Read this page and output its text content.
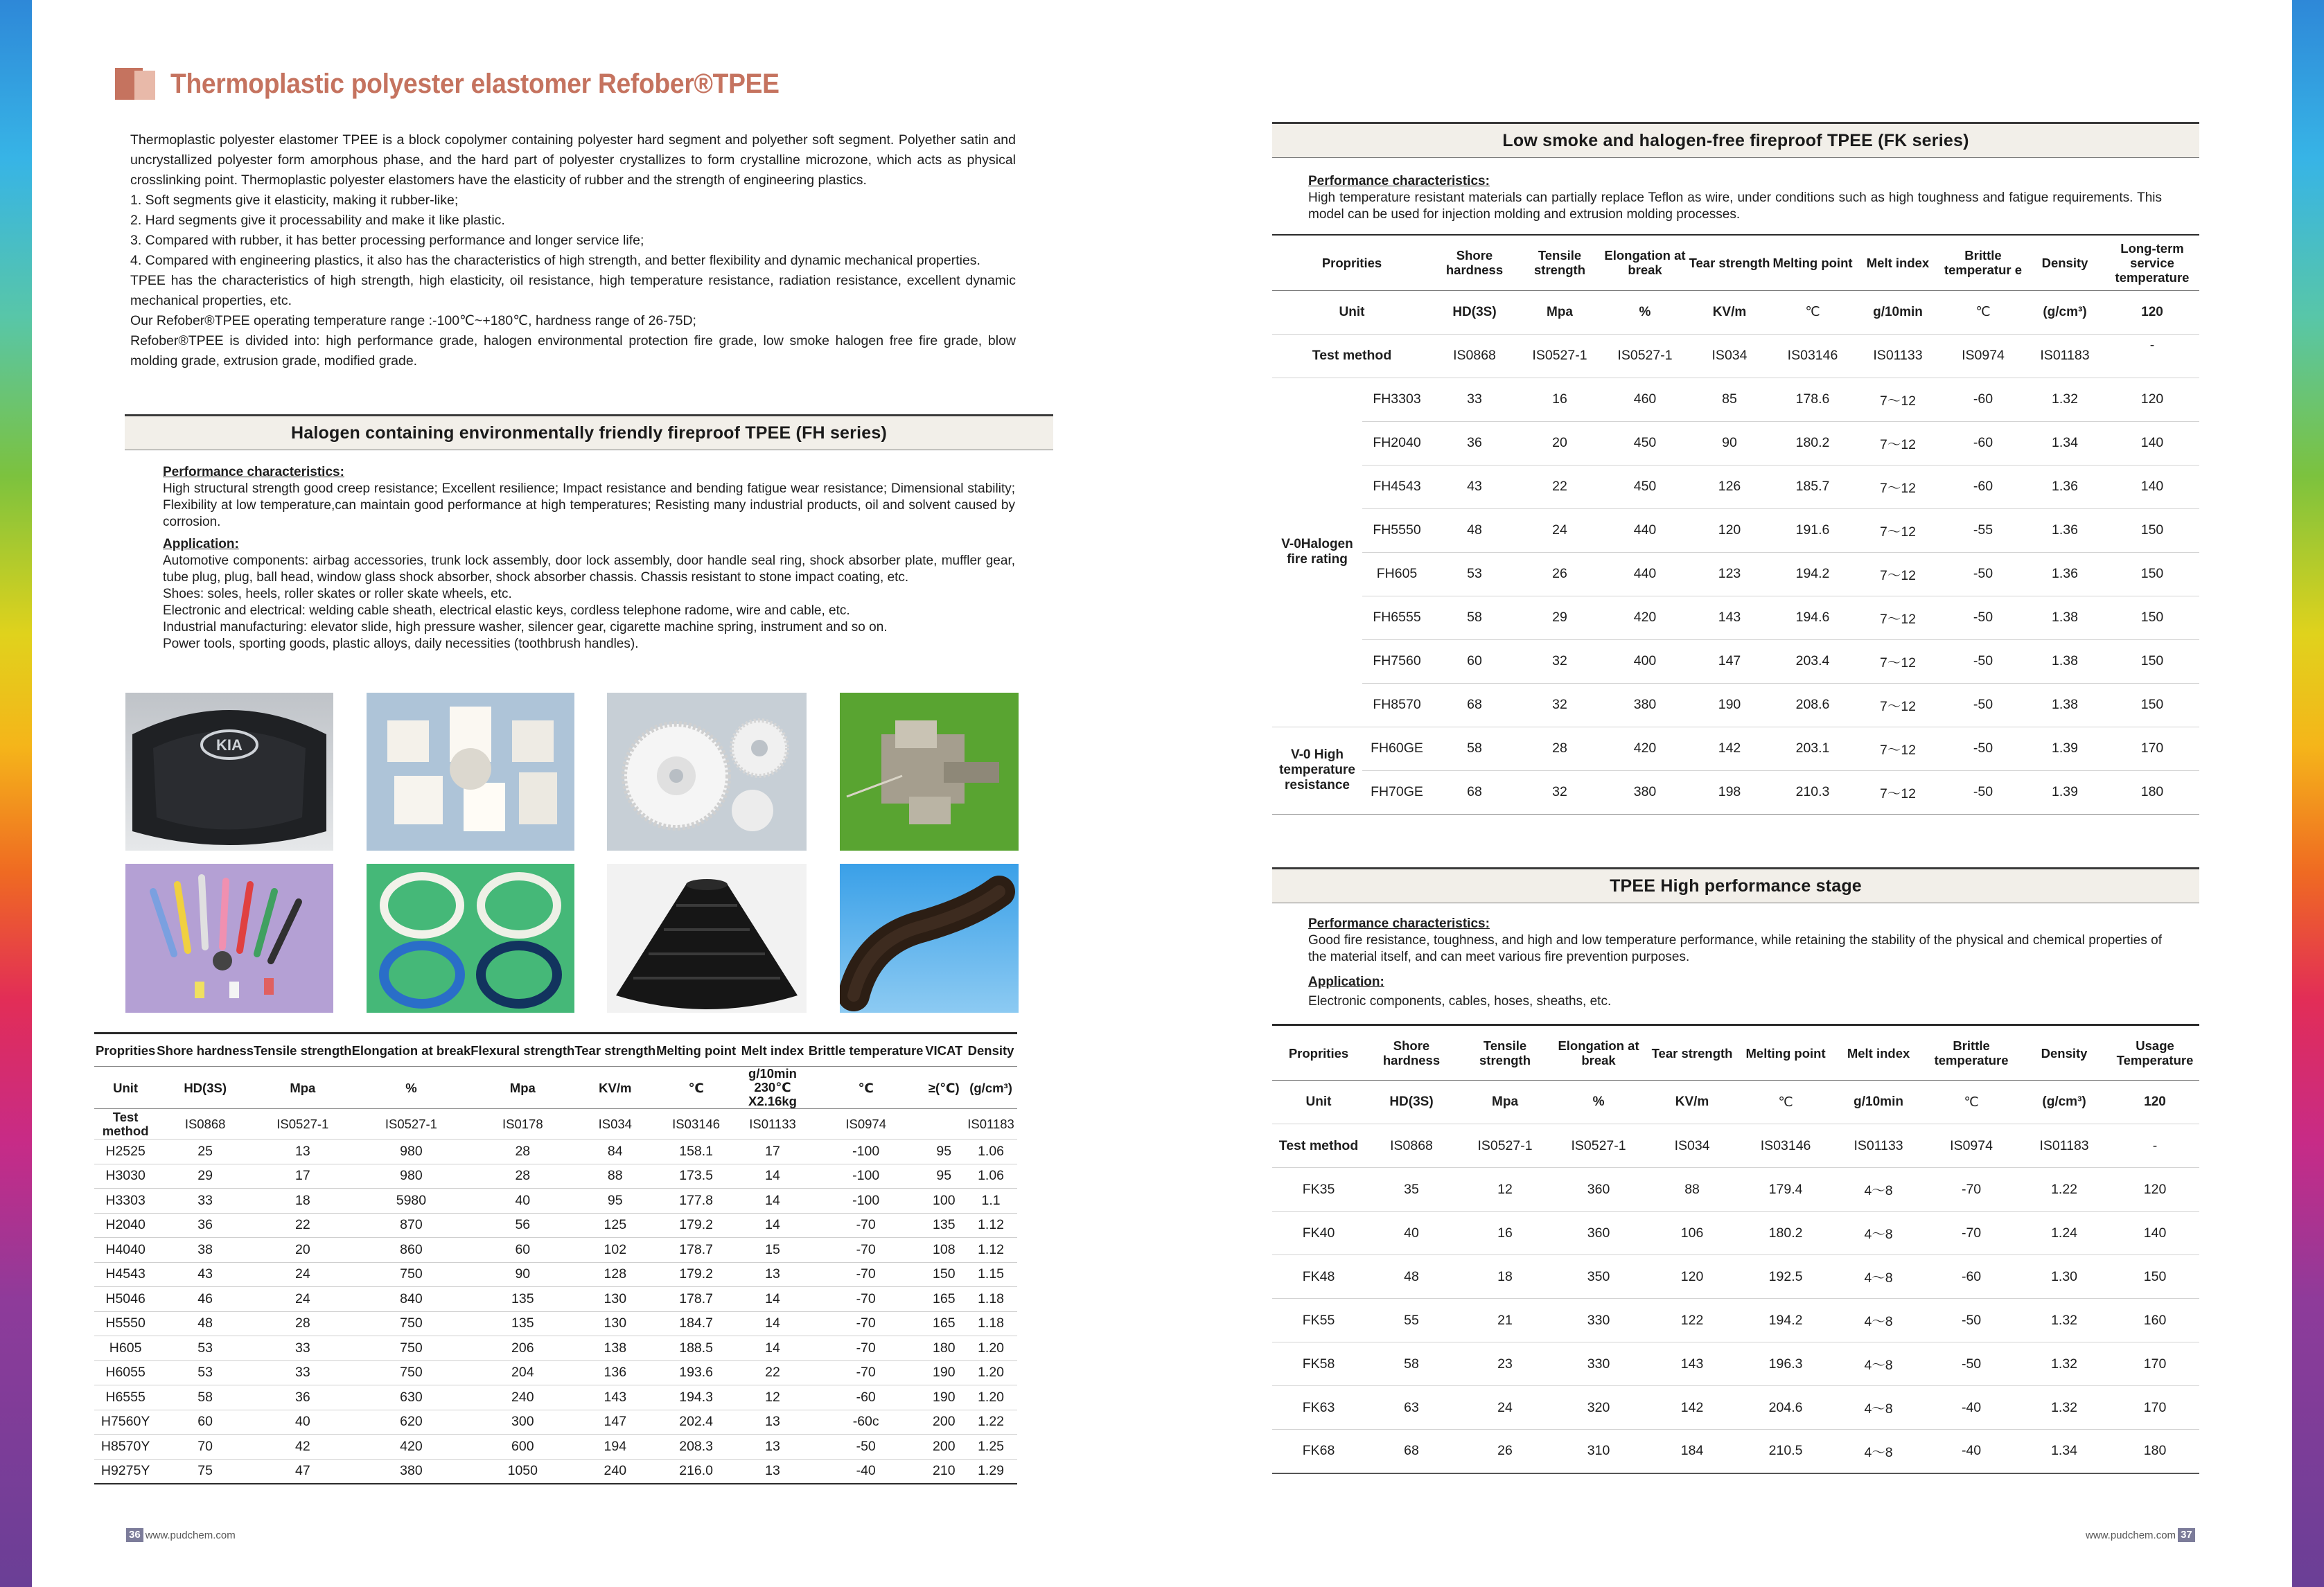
Thermoplastic polyester elastomer Refober®TPEE

Thermoplastic polyester elastomer TPEE is a block copolymer containing polyester hard segment and polyether soft segment. Polyether satin and uncrystallized polyester form amorphous phase, and the hard part of polyester crystallizes to form crystalline microzone, which acts as physical crosslinking point. Thermoplastic polyester elastomers have the elasticity of rubber and the strength of engineering plastics.

1. Soft segments give it elasticity, making it rubber-like;

2. Hard segments give it processability and make it like plastic.

3. Compared with rubber, it has better processing performance and longer service life;

4. Compared with engineering plastics, it also has the characteristics of high strength, and better flexibility and dynamic mechanical properties.

TPEE has the characteristics of high strength, high elasticity, oil resistance, high temperature resistance, radiation resistance, excellent dynamic mechanical properties, etc.

Our Refober®TPEE operating temperature range :-100℃~+180℃, hardness range of 26-75D;

Refober®TPEE is divided into: high performance grade, halogen environmental protection fire grade, low smoke halogen free fire grade, blow molding grade, extrusion grade, modified grade.

Halogen containing environmentally friendly fireproof TPEE (FH series)
Performance characteristics:
High structural strength good creep resistance; Excellent resilience; Impact resistance and bending fatigue wear resistance; Dimensional stability; Flexibility at low temperature,can maintain good performance at high temperatures; Resisting many industrial products, oil and solvent caused by corrosion.
Application:
Automotive components: airbag accessories, trunk lock assembly, door lock assembly, door handle seal ring, shock absorber plate, muffler gear, tube plug, plug, ball head, window glass shock absorber, shock absorber chassis. Chassis resistant to stone impact coating, etc.
Shoes: soles, heels, roller skates or roller skate wheels, etc.
Electronic and electrical: welding cable sheath, electrical elastic keys, cordless telephone radome, wire and cable, etc.
Industrial manufacturing: elevator slide, high pressure washer, silencer gear, cigarette machine spring, instrument and so on.
Power tools, sporting goods, plastic alloys, daily necessities (toothbrush handles).
KIA
Proprities	Shore hardness	Tensile strength	Elongation at break	Flexural strength	Tear strength	Melting point	Melt index	Brittle temperature	VICAT	Density
Unit	HD(3S)	Mpa	%	Mpa	KV/m	℃	g/10min 230℃ X2.16kg	℃	≥(℃)	(g/cm³)
Test method	IS0868	IS0527-1	IS0527-1	IS0178	IS034	IS03146	IS01133	IS0974		IS01183
H2525	25	13	980	28	84	158.1	17	-100	95	1.06
H3030	29	17	980	28	88	173.5	14	-100	95	1.06
H3303	33	18	5980	40	95	177.8	14	-100	100	1.1
H2040	36	22	870	56	125	179.2	14	-70	135	1.12
H4040	38	20	860	60	102	178.7	15	-70	108	1.12
H4543	43	24	750	90	128	179.2	13	-70	150	1.15
H5046	46	24	840	135	130	178.7	14	-70	165	1.18
H5550	48	28	750	135	130	184.7	14	-70	165	1.18
H605	53	33	750	206	138	188.5	14	-70	180	1.20
H6055	53	33	750	204	136	193.6	22	-70	190	1.20
H6555	58	36	630	240	143	194.3	12	-60	190	1.20
H7560Y	60	40	620	300	147	202.4	13	-60c	200	1.22
H8570Y	70	42	420	600	194	208.3	13	-50	200	1.25
H9275Y	75	47	380	1050	240	216.0	13	-40	210	1.29
36 www.pudchem.com
Low smoke and halogen-free fireproof TPEE (FK series)
Performance characteristics:
High temperature resistant materials can partially replace Teflon as wire, under conditions such as high toughness and fatigue requirements. This model can be used for injection molding and extrusion molding processes.
Proprities		Shore hardness	Tensile strength	Elongation at break	Tear strength	Melting point	Melt index	Brittle temperatur e	Density	Long-term service temperature
Unit		HD(3S)	Mpa	%	KV/m	℃	g/10min	℃	(g/cm³)	120
Test method		IS0868	IS0527-1	IS0527-1	IS034	IS03146	IS01133	IS0974	IS01183	-
V-0Halogen fire rating	FH3303	33	16	460	85	178.6	7～12	-60	1.32	120
	FH2040	36	20	450	90	180.2	7～12	-60	1.34	140
	FH4543	43	22	450	126	185.7	7～12	-60	1.36	140
	FH5550	48	24	440	120	191.6	7～12	-55	1.36	150
	FH605	53	26	440	123	194.2	7～12	-50	1.36	150
	FH6555	58	29	420	143	194.6	7～12	-50	1.38	150
	FH7560	60	32	400	147	203.4	7～12	-50	1.38	150
	FH8570	68	32	380	190	208.6	7～12	-50	1.38	150
V-0 High temperature resistance	FH60GE	58	28	420	142	203.1	7～12	-50	1.39	170
	FH70GE	68	32	380	198	210.3	7～12	-50	1.39	180
TPEE High performance stage
Performance characteristics:
Good fire resistance, toughness, and high and low temperature performance, while retaining the stability of the physical and chemical properties of the material itself, and can meet various fire prevention purposes.
Application:
Electronic components, cables, hoses, sheaths, etc.
Proprities	Shore hardness	Tensile strength	Elongation at break	Tear strength	Melting point	Melt index	Brittle temperature	Density	Usage Temperature
Unit	HD(3S)	Mpa	%	KV/m	℃	g/10min	℃	(g/cm³)	120
Test method	IS0868	IS0527-1	IS0527-1	IS034	IS03146	IS01133	IS0974	IS01183	-
FK35	35	12	360	88	179.4	4～8	-70	1.22	120
FK40	40	16	360	106	180.2	4～8	-70	1.24	140
FK48	48	18	350	120	192.5	4～8	-60	1.30	150
FK55	55	21	330	122	194.2	4～8	-50	1.32	160
FK58	58	23	330	143	196.3	4～8	-50	1.32	170
FK63	63	24	320	142	204.6	4～8	-40	1.32	170
FK68	68	26	310	184	210.5	4～8	-40	1.34	180
www.pudchem.com 37
